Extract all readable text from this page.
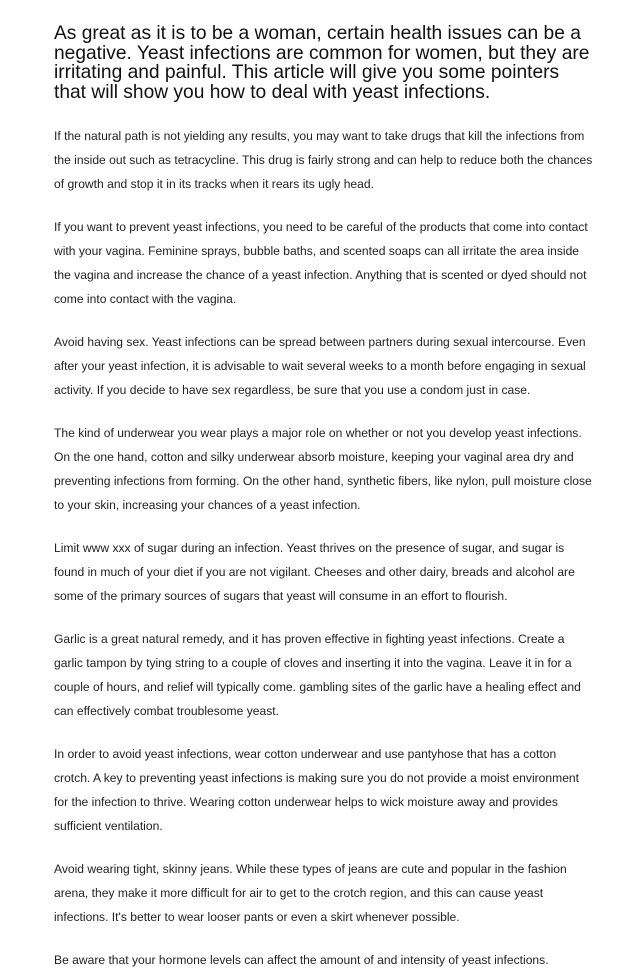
As great as it is to be a woman, certain health issues can be a negative. Yeast infections are common for women, but they are irritating and painful. This article will give you some pointers that will show you how to deal with yeast infections.

If the natural path is not yielding any results, you may want to take drugs that kill the infections from the inside out such as tetracycline. This drug is fairly strong and can help to reduce both the chances of growth and stop it in its tracks when it rears its ugly head.

If you want to prevent yeast infections, you need to be careful of the products that come into contact with your vagina. Feminine sprays, bubble baths, and scented soaps can all irritate the area inside the vagina and increase the chance of a yeast infection. Anything that is scented or dyed should not come into contact with the vagina.

Avoid having sex. Yeast infections can be spread between partners during sexual intercourse. Even after your yeast infection, it is advisable to wait several weeks to a month before engaging in sexual activity. If you decide to have sex regardless, be sure that you use a condom just in case.

The kind of underwear you wear plays a major role on whether or not you develop yeast infections. On the one hand, cotton and silky underwear absorb moisture, keeping your vaginal area dry and preventing infections from forming. On the other hand, synthetic fibers, like nylon, pull moisture close to your skin, increasing your chances of a yeast infection.

Limit www xxx of sugar during an infection. Yeast thrives on the presence of sugar, and sugar is found in much of your diet if you are not vigilant. Cheeses and other dairy, breads and alcohol are some of the primary sources of sugars that yeast will consume in an effort to flourish.

Garlic is a great natural remedy, and it has proven effective in fighting yeast infections. Create a garlic tampon by tying string to a couple of cloves and inserting it into the vagina. Leave it in for a couple of hours, and relief will typically come. gambling sites of the garlic have a healing effect and can effectively combat troublesome yeast.

In order to avoid yeast infections, wear cotton underwear and use pantyhose that has a cotton crotch. A key to preventing yeast infections is making sure you do not provide a moist environment for the infection to thrive. Wearing cotton underwear helps to wick moisture away and provides sufficient ventilation.

Avoid wearing tight, skinny jeans. While these types of jeans are cute and popular in the fashion arena, they make it more difficult for air to get to the crotch region, and this can cause yeast infections. It's better to wear looser pants or even a skirt whenever possible.

Be aware that your hormone levels can affect the amount of and intensity of yeast infections.
